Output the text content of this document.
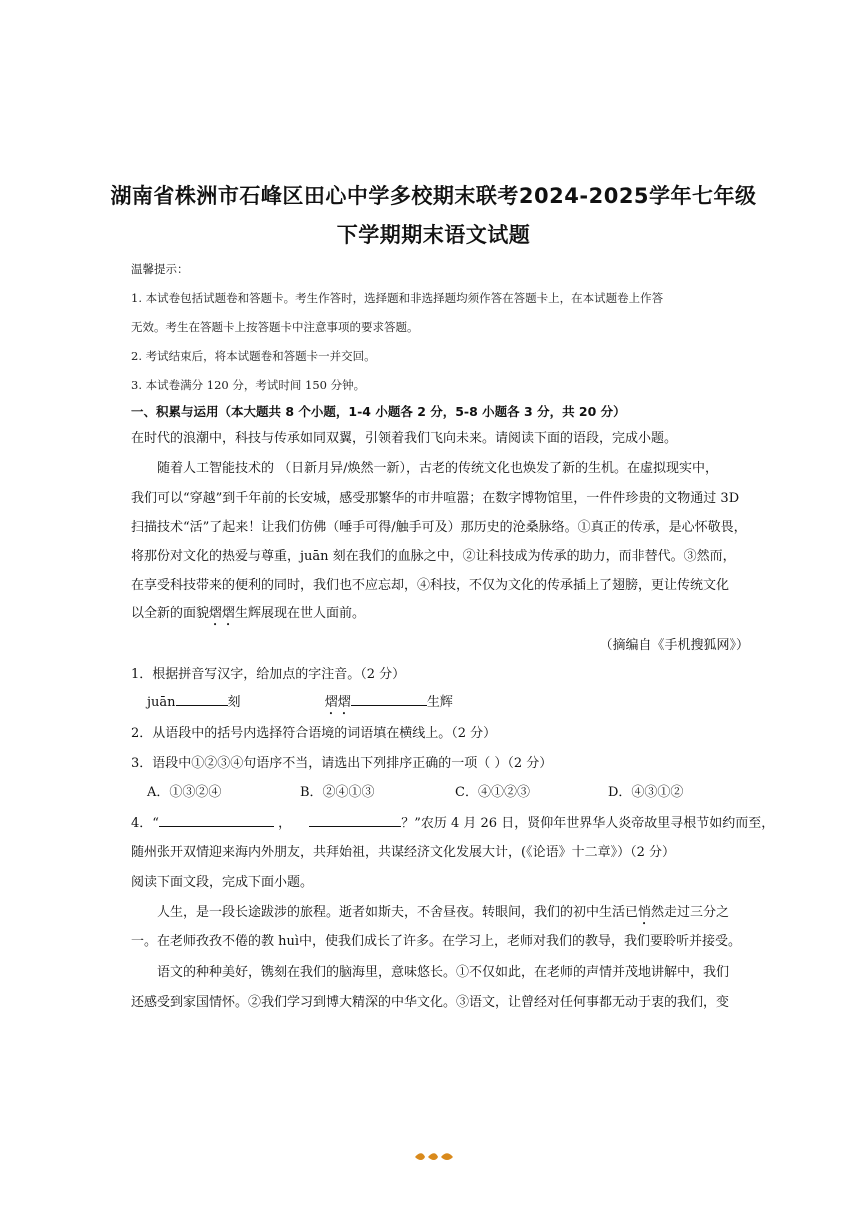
湖南省株洲市石峰区田心中学多校期末联考2024-2025学年七年级
下学期期末语文试题
温馨提示：
1. 本试卷包括试题卷和答题卡。考生作答时，选择题和非选择题均须作答在答题卡上，在本试题卷上作答
无效。考生在答题卡上按答题卡中注意事项的要求答题。
2. 考试结束后，将本试题卷和答题卡一并交回。
3. 本试卷满分 120 分，考试时间 150 分钟。
一、积累与运用（本大题共 8 个小题，1-4 小题各 2 分，5-8 小题各 3 分，共 20 分）
在时代的浪潮中，科技与传承如同双翼，引领着我们飞向未来。请阅读下面的语段，完成小题。
随着人工智能技术的 （日新月异/焕然一新），古老的传统文化也焕发了新的生机。在虚拟现实中，
我们可以“穿越”到千年前的长安城，感受那繁华的市井喧嚣；在数字博物馆里，一件件珍贵的文物通过 3D
扫描技术“活”了起来！让我们仿佛（唾手可得/触手可及）那历史的沧桑脉络。①真正的传承，是心怀敬畏，
将那份对文化的热爱与尊重，juān 刻在我们的血脉之中，②让科技成为传承的助力，而非替代。③然而，
在享受科技带来的便利的同时，我们也不应忘却，④科技，不仅为文化的传承插上了翅膀，更让传统文化
以全新的面貌熠熠生辉展现在世人面前。
（摘编自《手机搜狐网》）
1．根据拼音写汉字，给加点的字注音。（2 分）
juān	刻	熠熠	生辉
2．从语段中的括号内选择符合语境的词语填在横线上。（2 分）
3．语段中①②③④句语序不当，请选出下列排序正确的一项（ ）（2 分）
A．①③②④	B．②④①③	C．④①②③	D．④③①②
4．“	，	？”农历 4 月 26 日，贤仰年世界华人炎帝故里寻根节如约而至，
随州张开双情迎来海内外朋友，共拜始祖，共谋经济文化发展大计，(《论语》十二章》）（2 分）
阅读下面文段，完成下面小题。
人生，是一段长途跋涉的旅程。逝者如斯夫，不舍昼夜。转眼间，我们的初中生活已悄然走过三分之
一。在老师孜孜不倦的教 huì中，使我们成长了许多。在学习上，老师对我们的教导，我们要聆听并接受。
语文的种种美好，镌刻在我们的脑海里，意味悠长。①不仅如此，在老师的声情并茂地讲解中，我们
还感受到家国情怀。②我们学习到博大精深的中华文化。③语文，让曾经对任何事都无动于衷的我们，变
